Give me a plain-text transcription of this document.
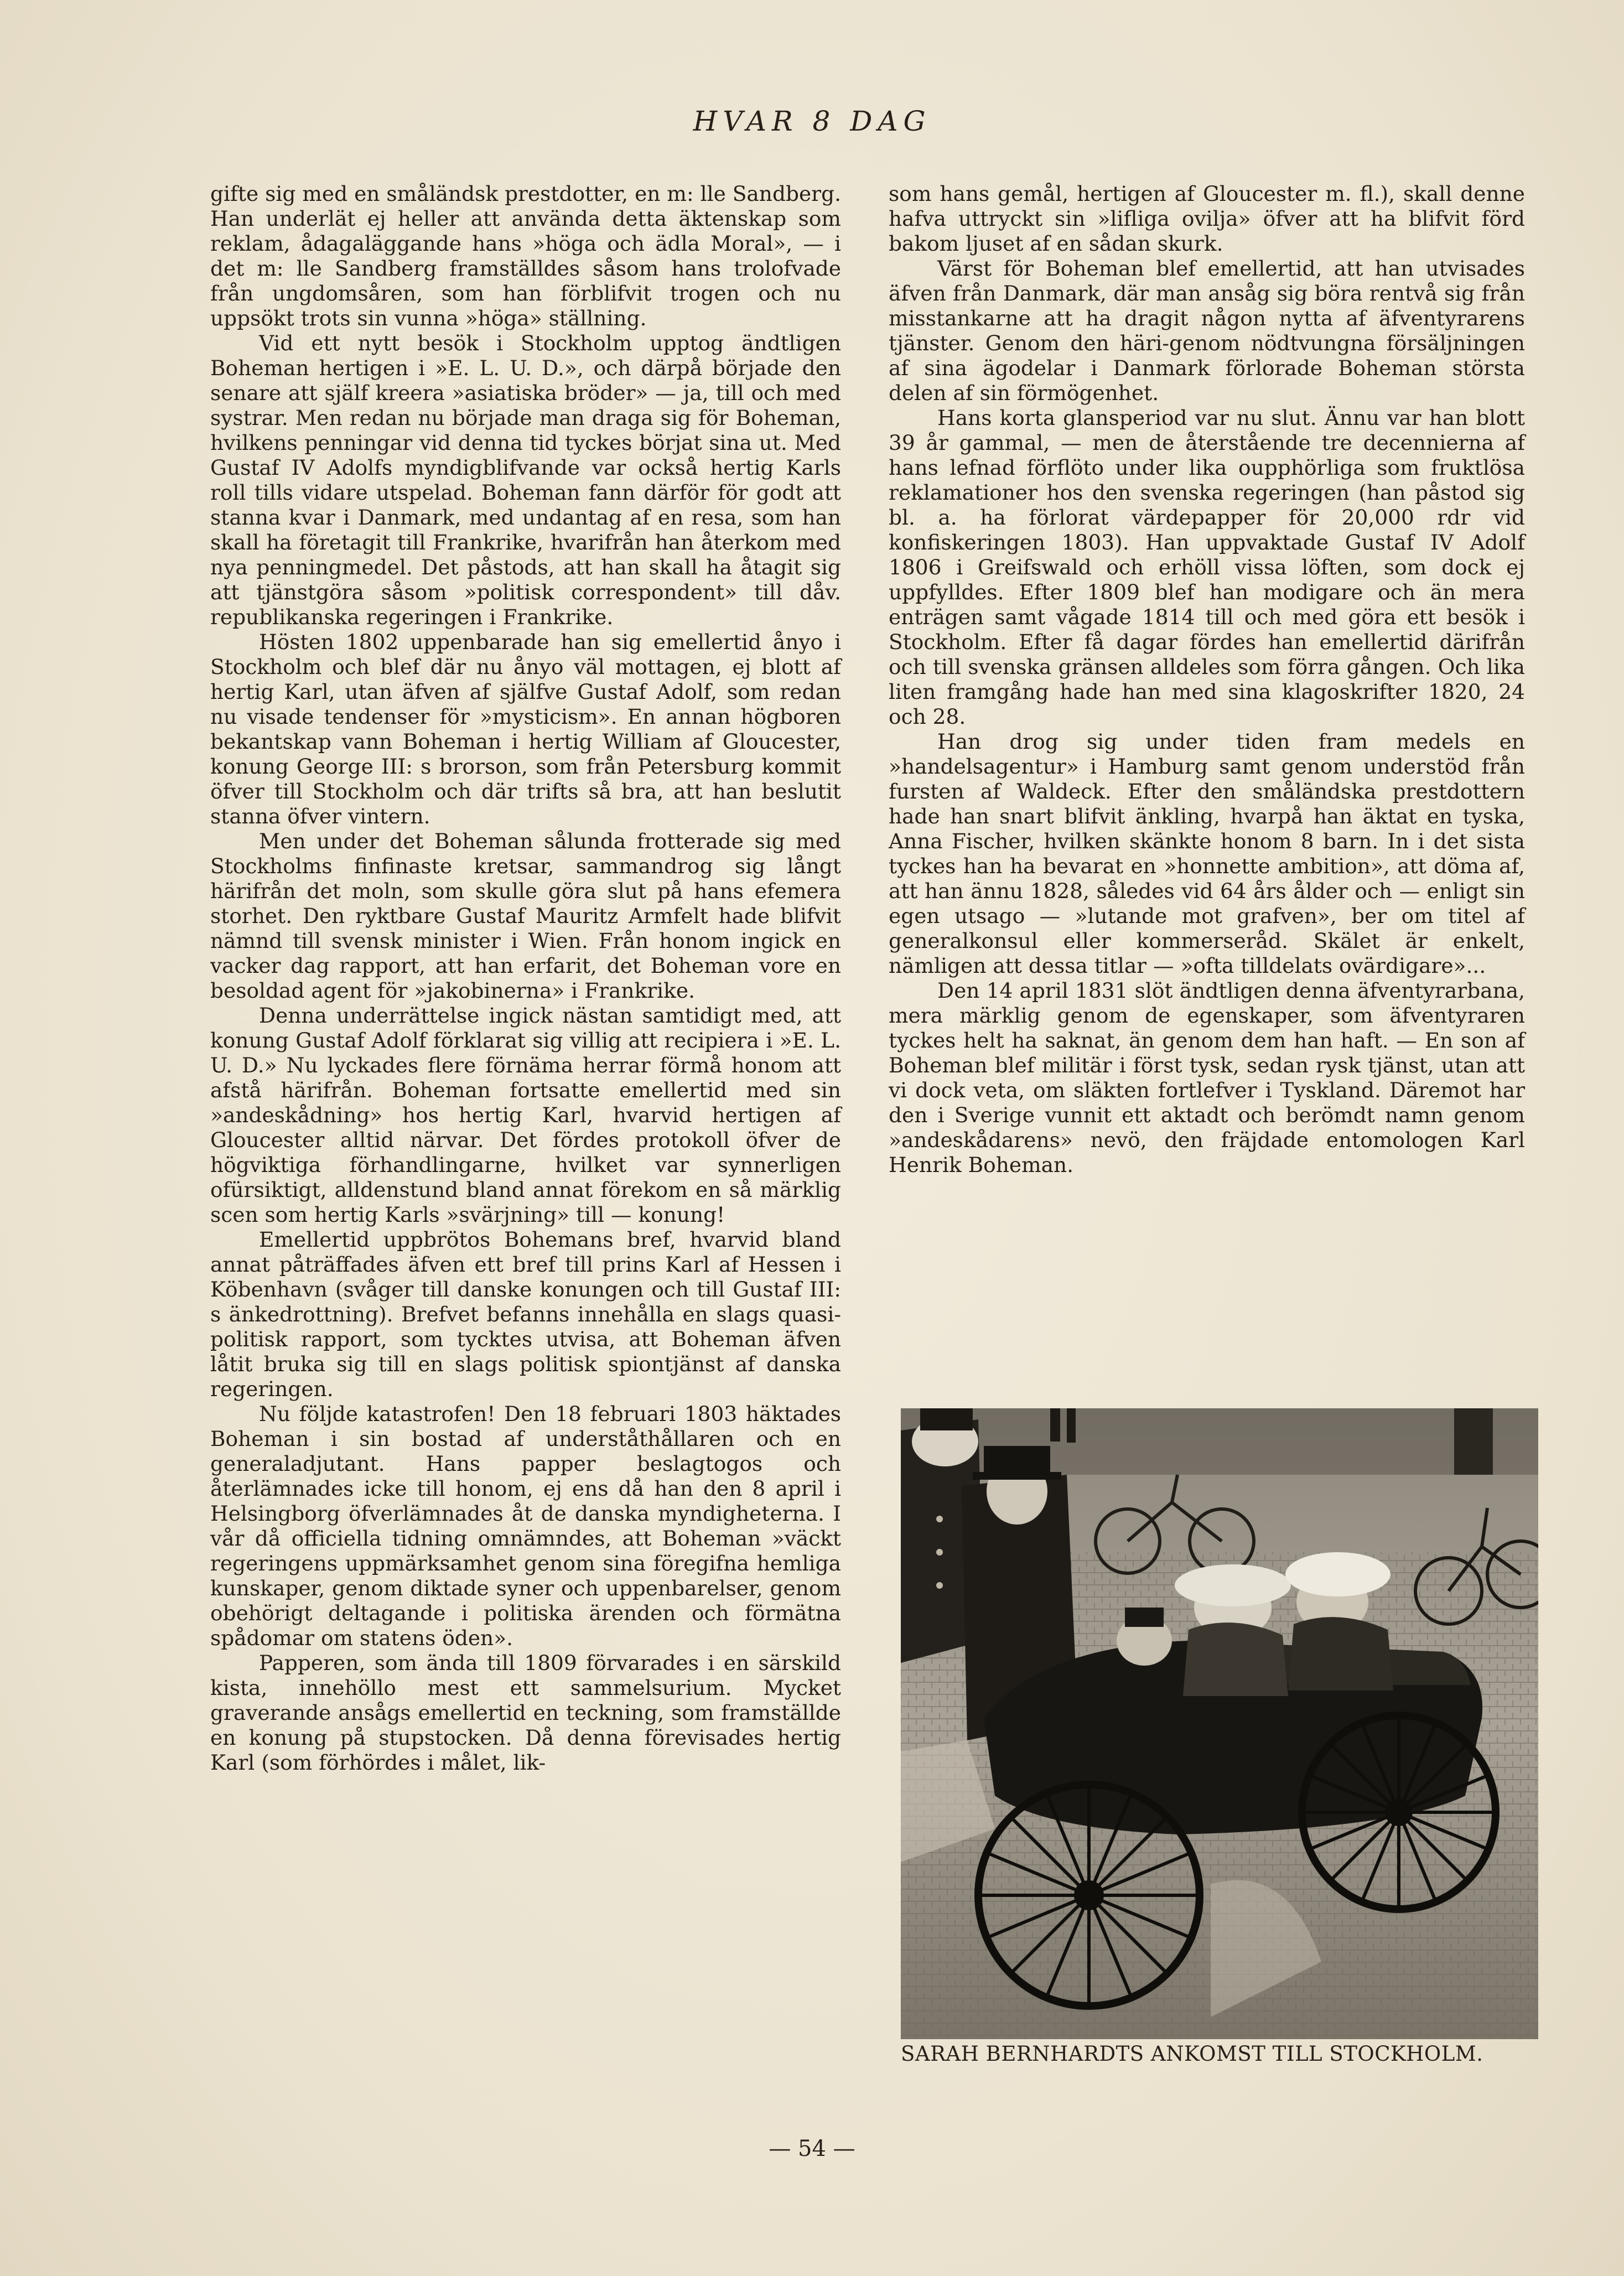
HVAR 8 DAG

gifte sig med en småländsk prestdotter, en m: lle Sandberg. Han underlät ej heller att använda detta äktenskap som reklam, ådagaläggande hans »höga och ädla Moral», — i det m: lle Sandberg framställdes såsom hans trolofvade från ungdomsåren, som han förblifvit trogen och nu uppsökt trots sin vunna »höga» ställning.

Vid ett nytt besök i Stockholm upptog ändtligen Boheman hertigen i »E. L. U. D.», och därpå började den senare att själf kreera »asiatiska bröder» — ja, till och med systrar. Men redan nu började man draga sig för Boheman, hvilkens penningar vid denna tid tyckes börjat sina ut. Med Gustaf IV Adolfs myndigblifvande var också hertig Karls roll tills vidare utspelad. Boheman fann därför för godt att stanna kvar i Danmark, med undantag af en resa, som han skall ha företagit till Frankrike, hvarifrån han återkom med nya penningmedel. Det påstods, att han skall ha åtagit sig att tjänstgöra såsom »politisk correspondent» till dåv. republikanska regeringen i Frankrike.

Hösten 1802 uppenbarade han sig emellertid ånyo i Stockholm och blef där nu ånyo väl mottagen, ej blott af hertig Karl, utan äfven af själfve Gustaf Adolf, som redan nu visade tendenser för »mysticism». En annan högboren bekantskap vann Boheman i hertig William af Gloucester, konung George III: s brorson, som från Petersburg kommit öfver till Stockholm och där trifts så bra, att han beslutit stanna öfver vintern.

Men under det Boheman sålunda frotterade sig med Stockholms finfinaste kretsar, sammandrog sig långt härifrån det moln, som skulle göra slut på hans efemera storhet. Den ryktbare Gustaf Mauritz Armfelt hade blifvit nämnd till svensk minister i Wien. Från honom ingick en vacker dag rapport, att han erfarit, det Boheman vore en besoldad agent för »jakobinerna» i Frankrike.

Denna underrättelse ingick nästan samtidigt med, att konung Gustaf Adolf förklarat sig villig att recipiera i »E. L. U. D.» Nu lyckades flere förnäma herrar förmå honom att afstå härifrån. Boheman fortsatte emellertid med sin »andeskådning» hos hertig Karl, hvarvid hertigen af Gloucester alltid närvar. Det fördes protokoll öfver de högviktiga förhandlingarne, hvilket var synnerligen ofürsiktigt, alldenstund bland annat förekom en så märklig scen som hertig Karls »svärjning» till — konung!

Emellertid uppbrötos Bohemans bref, hvarvid bland annat påträffades äfven ett bref till prins Karl af Hessen i Köbenhavn (svåger till danske konungen och till Gustaf III: s änkedrottning). Brefvet befanns innehålla en slags quasi-politisk rapport, som tycktes utvisa, att Boheman äfven låtit bruka sig till en slags politisk spiontjänst af danska regeringen.

Nu följde katastrofen! Den 18 februari 1803 häktades Boheman i sin bostad af underståthållaren och en generaladjutant. Hans papper beslagtogos och återlämnades icke till honom, ej ens då han den 8 april i Helsingborg öfverlämnades åt de danska myndigheterna. I vår då officiella tidning omnämndes, att Boheman »väckt regeringens uppmärksamhet genom sina föregifna hemliga kunskaper, genom diktade syner och uppenbarelser, genom obehörigt deltagande i politiska ärenden och förmätna spådomar om statens öden».

Papperen, som ända till 1809 förvarades i en särskild kista, innehöllo mest ett sammelsurium. Mycket graverande ansågs emellertid en teckning, som framställde en konung på stupstocken. Då denna förevisades hertig Karl (som förhördes i målet, lik-

som hans gemål, hertigen af Gloucester m. fl.), skall denne hafva uttryckt sin »lifliga ovilja» öfver att ha blifvit förd bakom ljuset af en sådan skurk.

Värst för Boheman blef emellertid, att han utvisades äfven från Danmark, där man ansåg sig böra rentvå sig från misstankarne att ha dragit någon nytta af äfventyrarens tjänster. Genom den häri-genom nödtvungna försäljningen af sina ägodelar i Danmark förlorade Boheman största delen af sin förmögenhet.

Hans korta glansperiod var nu slut. Ännu var han blott 39 år gammal, — men de återstående tre decennierna af hans lefnad förflöto under lika oupphörliga som fruktlösa reklamationer hos den svenska regeringen (han påstod sig bl. a. ha förlorat värdepapper för 20,000 rdr vid konfiskeringen 1803). Han uppvaktade Gustaf IV Adolf 1806 i Greifswald och erhöll vissa löften, som dock ej uppfylldes. Efter 1809 blef han modigare och än mera enträgen samt vågade 1814 till och med göra ett besök i Stockholm. Efter få dagar fördes han emellertid därifrån och till svenska gränsen alldeles som förra gången. Och lika liten framgång hade han med sina klagoskrifter 1820, 24 och 28.

Han drog sig under tiden fram medels en »handelsagentur» i Hamburg samt genom understöd från fursten af Waldeck. Efter den småländska prestdottern hade han snart blifvit änkling, hvarpå han äktat en tyska, Anna Fischer, hvilken skänkte honom 8 barn. In i det sista tyckes han ha bevarat en »honnette ambition», att döma af, att han ännu 1828, således vid 64 års ålder och — enligt sin egen utsago — »lutande mot grafven», ber om titel af generalkonsul eller kommerseråd. Skälet är enkelt, nämligen att dessa titlar — »ofta tilldelats ovärdigare»...

Den 14 april 1831 slöt ändtligen denna äfventyrarbana, mera märklig genom de egenskaper, som äfventyraren tyckes helt ha saknat, än genom dem han haft. — En son af Boheman blef militär i först tysk, sedan rysk tjänst, utan att vi dock veta, om släkten fortlefver i Tyskland. Däremot har den i Sverige vunnit ett aktadt och berömdt namn genom »andeskådarens» nevö, den fräjdade entomologen Karl Henrik Boheman.

SARAH BERNHARDTS ANKOMST TILL STOCKHOLM.
— 54 —
